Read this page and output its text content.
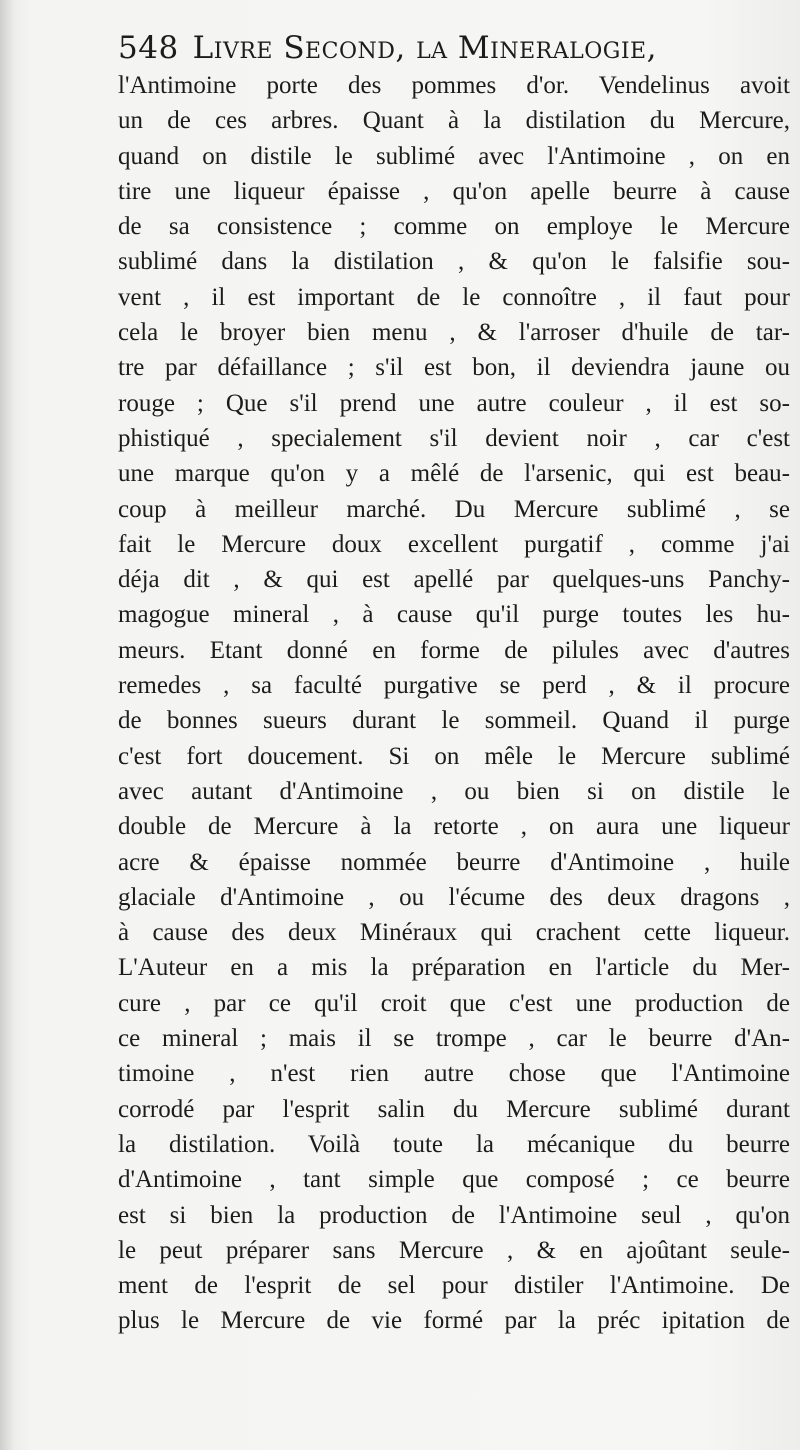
548 Livre Second, la Mineralogie,
l'Antimoine porte des pommes d'or. Vendelinus avoit
un de ces arbres. Quant à la distilation du Mercure,
quand on distile le sublimé avec l'Antimoine , on en
tire une liqueur épaisse , qu'on apelle beurre à cause
de sa consistence ; comme on employe le Mercure
sublimé dans la distilation , & qu'on le falsifie sou-
vent , il est important de le connoître , il faut pour
cela le broyer bien menu , & l'arroser d'huile de tar-
tre par défaillance ; s'il est bon, il deviendra jaune ou
rouge ; Que s'il prend une autre couleur , il est so-
phistiqué , specialement s'il devient noir , car c'est
une marque qu'on y a mêlé de l'arsenic, qui est beau-
coup à meilleur marché. Du Mercure sublimé , se
fait le Mercure doux excellent purgatif , comme j'ai
déja dit , & qui est apellé par quelques-uns Panchy-
magogue mineral , à cause qu'il purge toutes les hu-
meurs. Etant donné en forme de pilules avec d'autres
remedes , sa faculté purgative se perd , & il procure
de bonnes sueurs durant le sommeil. Quand il purge
c'est fort doucement. Si on mêle le Mercure sublimé
avec autant d'Antimoine , ou bien si on distile le
double de Mercure à la retorte , on aura une liqueur
acre & épaisse nommée beurre d'Antimoine , huile
glaciale d'Antimoine , ou l'écume des deux dragons ,
à cause des deux Minéraux qui crachent cette liqueur.
L'Auteur en a mis la préparation en l'article du Mer-
cure , par ce qu'il croit que c'est une production de
ce mineral ; mais il se trompe , car le beurre d'An-
timoine , n'est rien autre chose que l'Antimoine
corrodé par l'esprit salin du Mercure sublimé durant
la distilation. Voilà toute la mécanique du beurre
d'Antimoine , tant simple que composé ; ce beurre
est si bien la production de l'Antimoine seul , qu'on
le peut préparer sans Mercure , & en ajoûtant seule-
ment de l'esprit de sel pour distiler l'Antimoine. De
plus le Mercure de vie formé par la préc ipitation de
